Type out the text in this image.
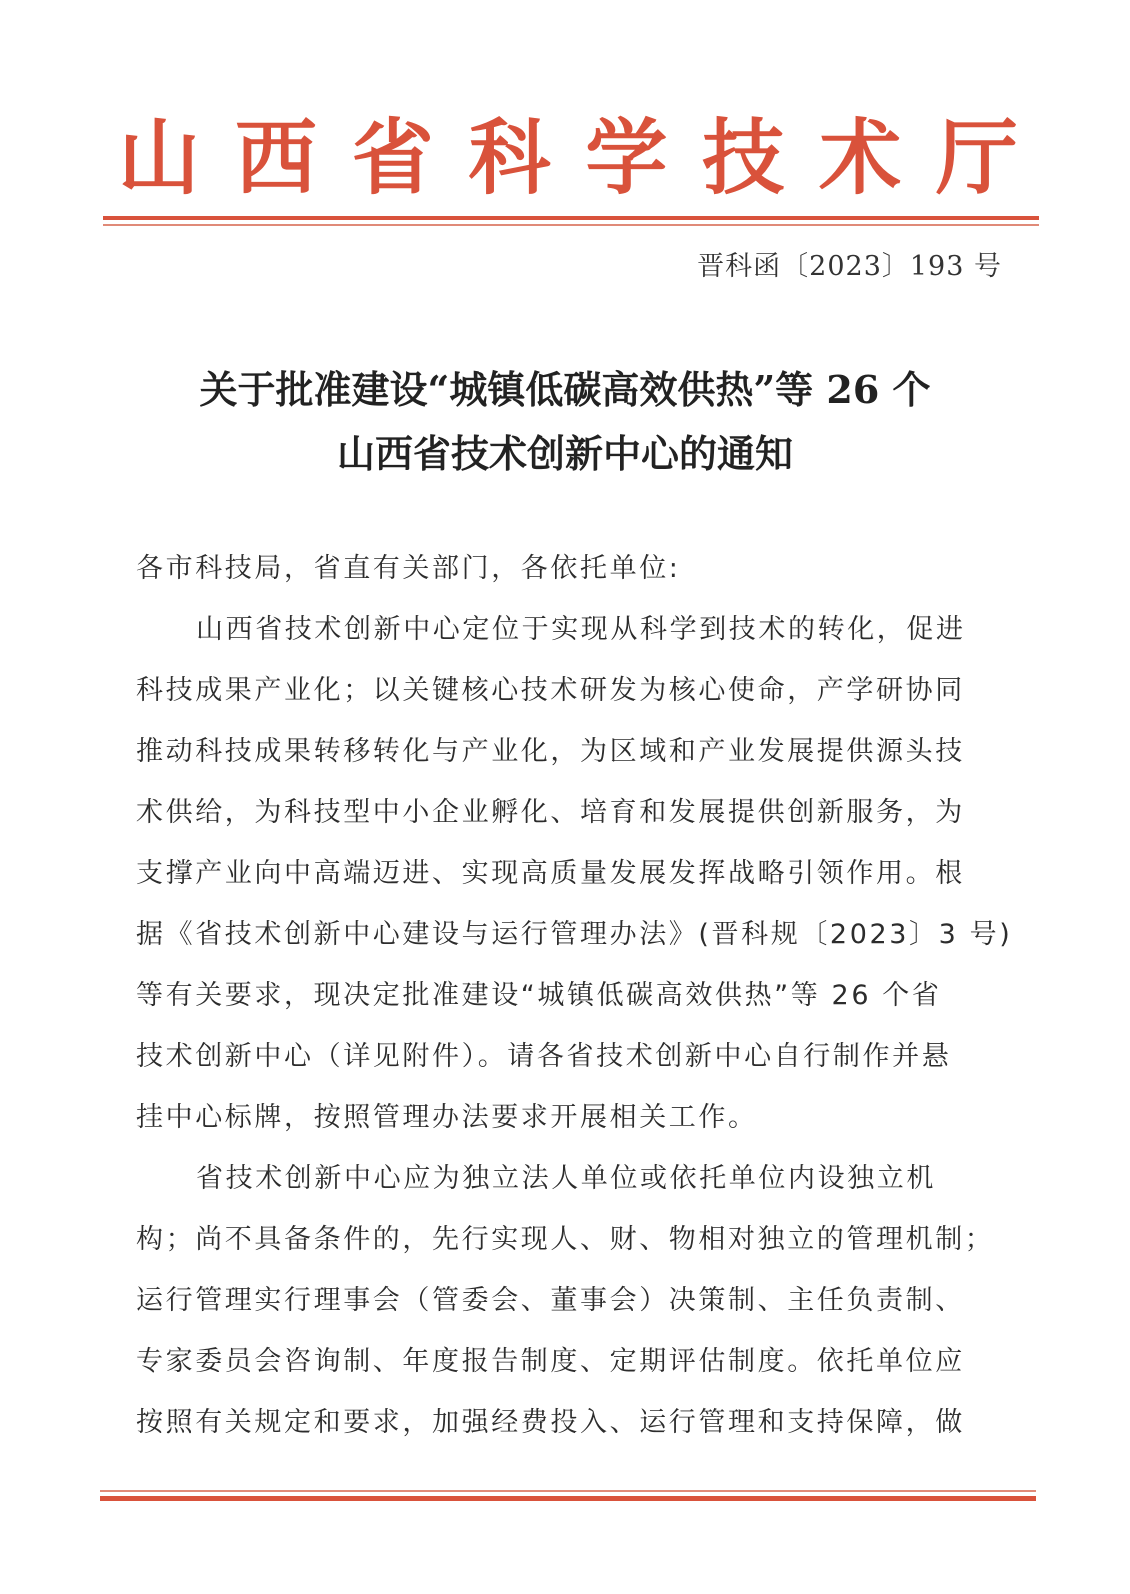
山 西 省 科 学 技 术 厅
晋科函〔2023〕193 号
关于批准建设“城镇低碳高效供热”等 26 个
山西省技术创新中心的通知

各市科技局，省直有关部门，各依托单位:

山西省技术创新中心定位于实现从科学到技术的转化，促进
科技成果产业化；以关键核心技术研发为核心使命，产学研协同
推动科技成果转移转化与产业化，为区域和产业发展提供源头技
术供给，为科技型中小企业孵化、培育和发展提供创新服务，为
支撑产业向中高端迈进、实现高质量发展发挥战略引领作用。根
据《省技术创新中心建设与运行管理办法》(晋科规〔2023〕3 号)
等有关要求，现决定批准建设“城镇低碳高效供热”等 26 个省
技术创新中心（详见附件）。请各省技术创新中心自行制作并悬
挂中心标牌，按照管理办法要求开展相关工作。

省技术创新中心应为独立法人单位或依托单位内设独立机
构；尚不具备条件的，先行实现人、财、物相对独立的管理机制；
运行管理实行理事会（管委会、董事会）决策制、主任负责制、
专家委员会咨询制、年度报告制度、定期评估制度。依托单位应
按照有关规定和要求，加强经费投入、运行管理和支持保障，做
